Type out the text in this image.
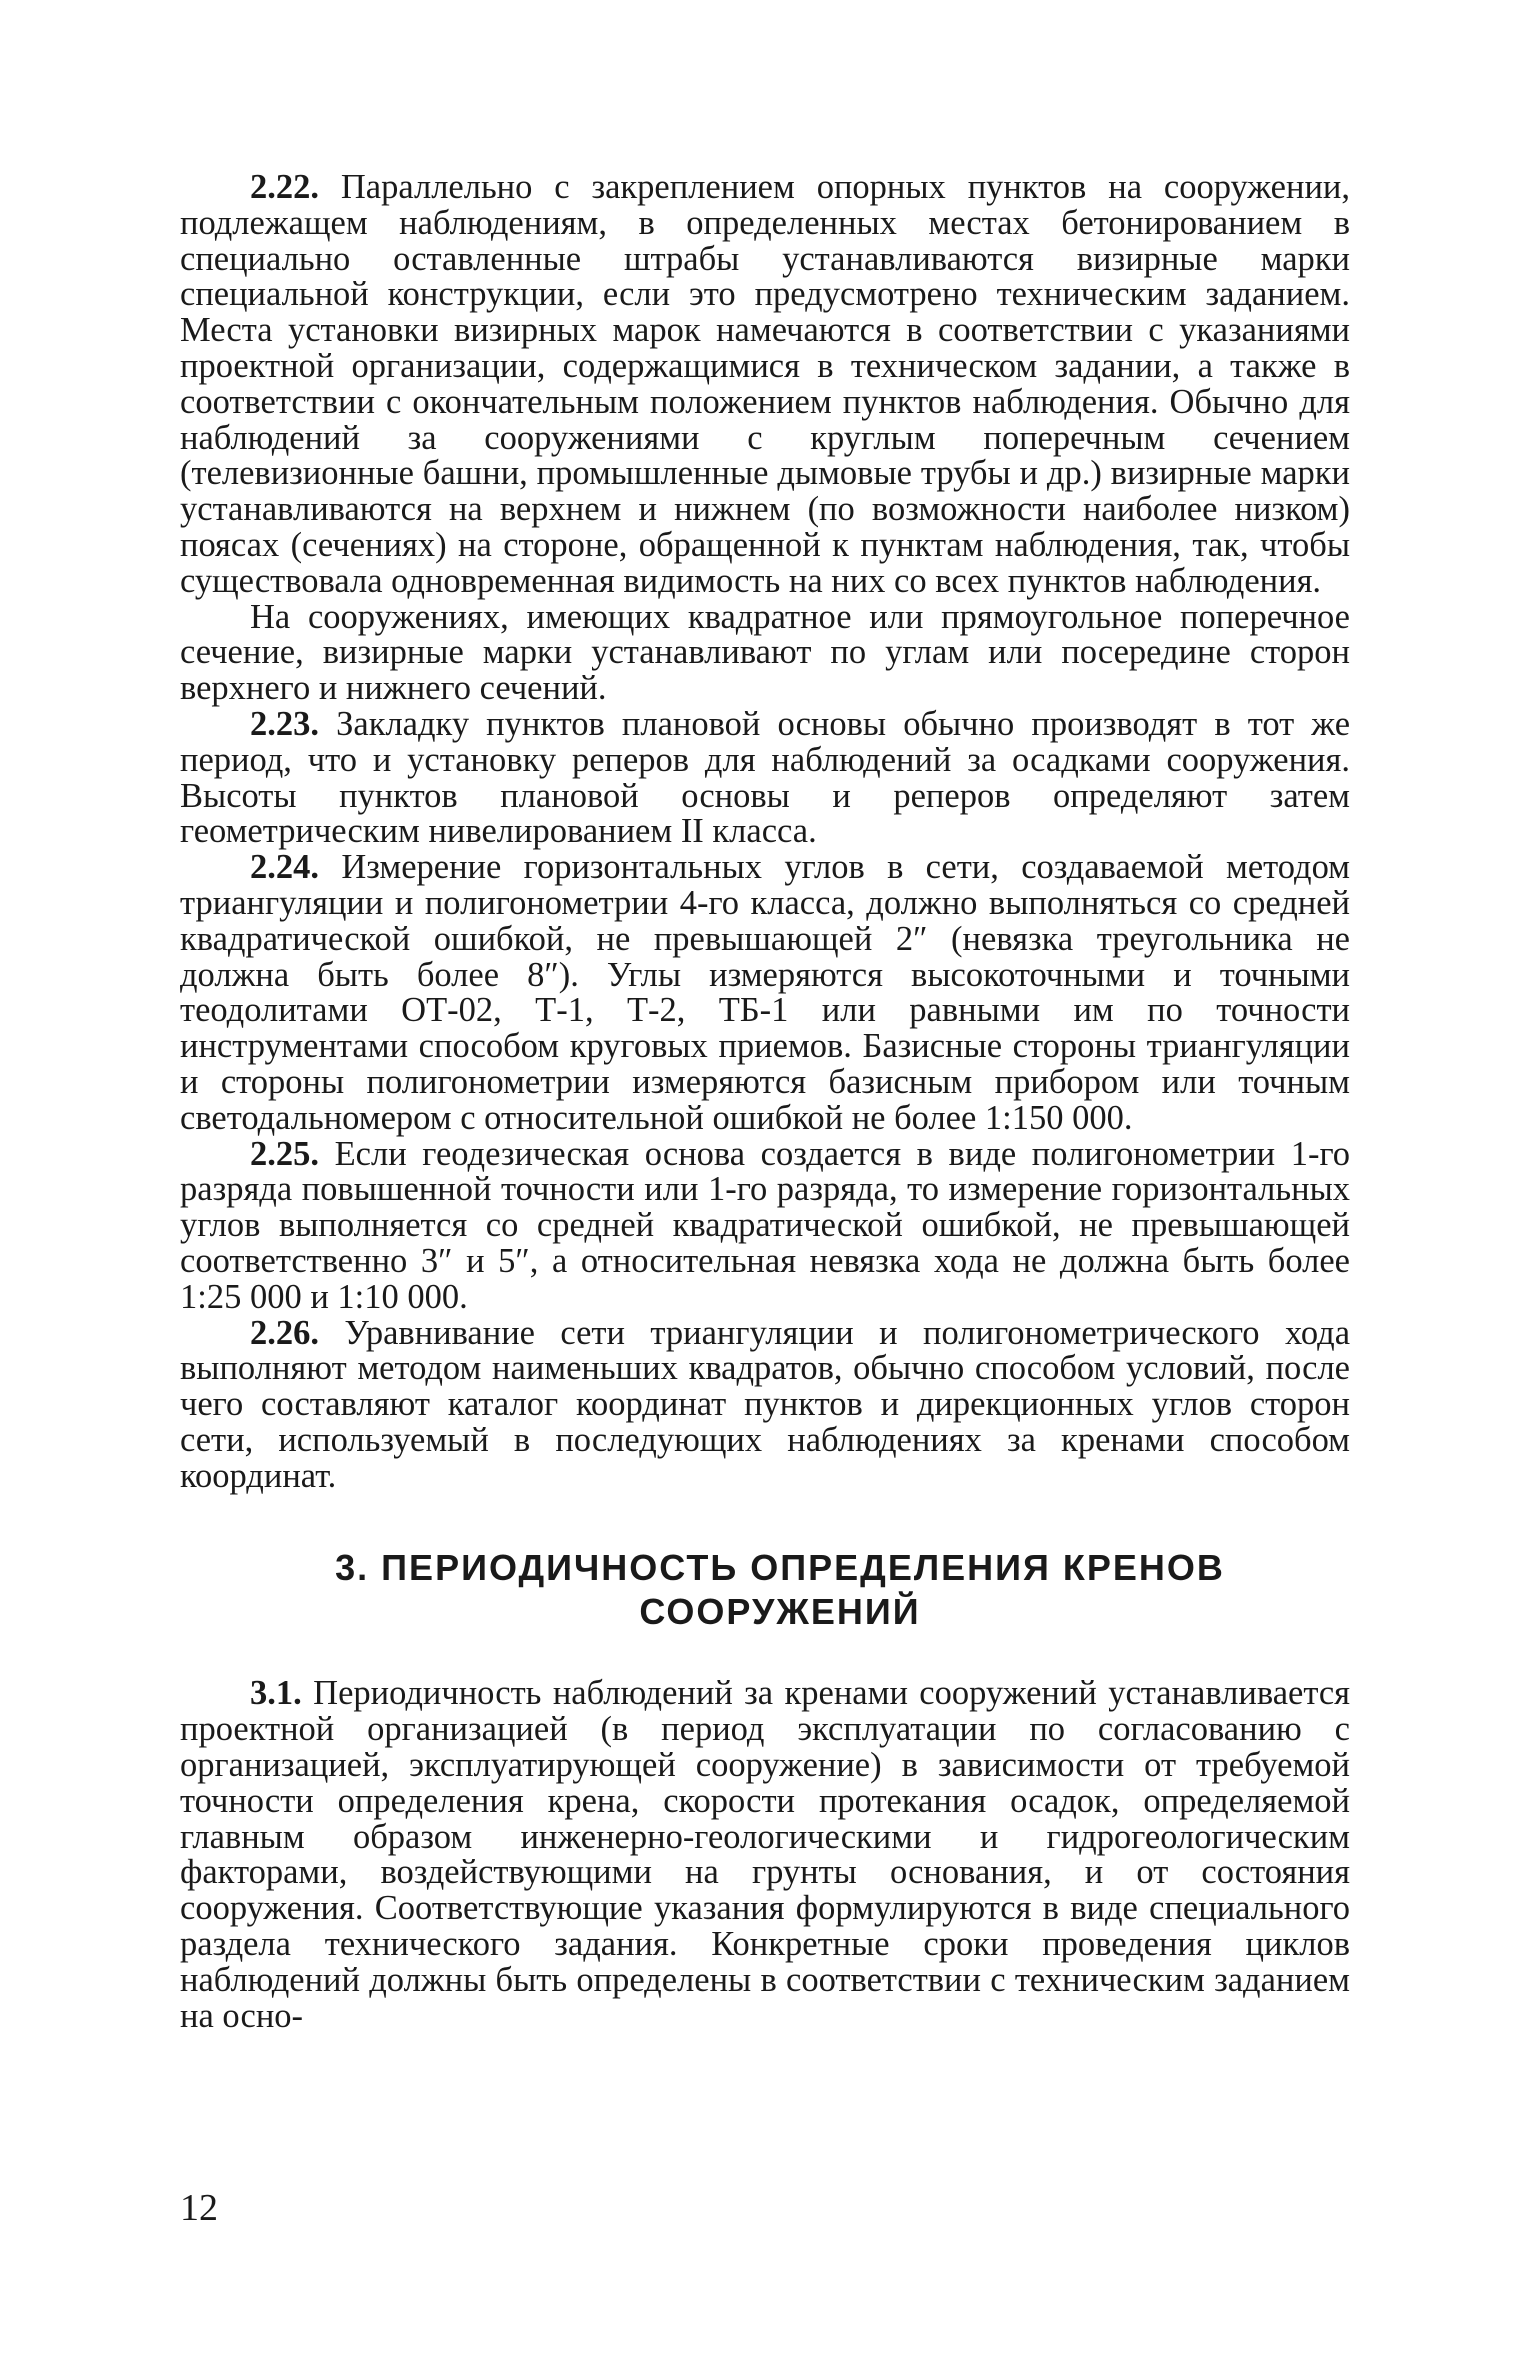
2.22. Параллельно с закреплением опорных пунктов на сооружении, подлежащем наблюдениям, в определенных местах бетонированием в специально оставленные штрабы устанавливаются визирные марки специальной конструкции, если это предусмотрено техническим заданием. Места установки визирных марок намечаются в соответствии с указаниями проектной организации, содержащимися в техническом задании, а также в соответствии с окончательным положением пунктов наблюдения. Обычно для наблюдений за сооружениями с круглым поперечным сечением (телевизионные башни, промышленные дымовые трубы и др.) визирные марки устанавливаются на верхнем и нижнем (по возможности наиболее низком) поясах (сечениях) на стороне, обращенной к пунктам наблюдения, так, чтобы существовала одновременная видимость на них со всех пунктов наблюдения.

На сооружениях, имеющих квадратное или прямоугольное поперечное сечение, визирные марки устанавливают по углам или посередине сторон верхнего и нижнего сечений.

2.23. Закладку пунктов плановой основы обычно производят в тот же период, что и установку реперов для наблюдений за осадками сооружения. Высоты пунктов плановой основы и реперов определяют затем геометрическим нивелированием II класса.

2.24. Измерение горизонтальных углов в сети, создаваемой методом триангуляции и полигонометрии 4-го класса, должно выполняться со средней квадратической ошибкой, не превышающей 2″ (невязка треугольника не должна быть более 8″). Углы измеряются высокоточными и точными теодолитами ОТ-02, Т-1, Т-2, ТБ-1 или равными им по точности инструментами способом круговых приемов. Базисные стороны триангуляции и стороны полигонометрии измеряются базисным прибором или точным светодальномером с относительной ошибкой не более 1:150 000.

2.25. Если геодезическая основа создается в виде полигонометрии 1-го разряда повышенной точности или 1-го разряда, то измерение горизонтальных углов выполняется со средней квадратической ошибкой, не превышающей соответственно 3″ и 5″, а относительная невязка хода не должна быть более 1:25 000 и 1:10 000.

2.26. Уравнивание сети триангуляции и полигонометрического хода выполняют методом наименьших квадратов, обычно способом условий, после чего составляют каталог координат пунктов и дирекционных углов сторон сети, используемый в последующих наблюдениях за кренами способом координат.

3. ПЕРИОДИЧНОСТЬ ОПРЕДЕЛЕНИЯ КРЕНОВ
СООРУЖЕНИЙ

3.1. Периодичность наблюдений за кренами сооружений устанавливается проектной организацией (в период эксплуатации по согласованию с организацией, эксплуатирующей сооружение) в зависимости от требуемой точности определения крена, скорости протекания осадок, определяемой главным образом инженерно-геологическими и гидрогеологическим факторами, воздействующими на грунты основания, и от состояния сооружения. Соответствующие указания формулируются в виде специального раздела технического задания. Конкретные сроки проведения циклов наблюдений должны быть определены в соответствии с техническим заданием на осно-

12
